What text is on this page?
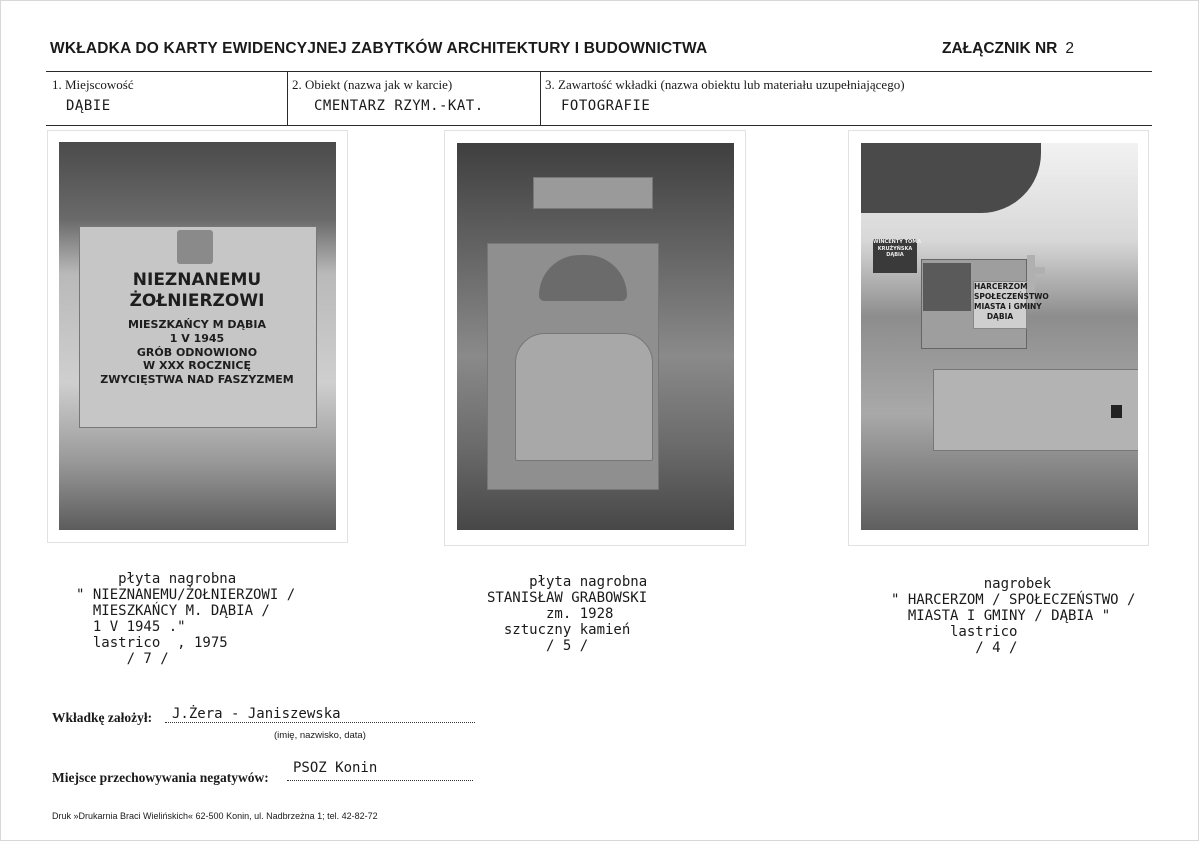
WKŁADKA DO KARTY EWIDENCYJNEJ ZABYTKÓW ARCHITEKTURY I BUDOWNICTWA	ZAŁĄCZNIK NR 2
1. Miejscowość
DĄBIE
2. Obiekt (nazwa jak w karcie)
CMENTARZ RZYM.-KAT.
3. Zawartość wkładki (nazwa obiektu lub materiału uzupełniającego)
FOTOGRAFIE
NIEZNANEMU
ŻOŁNIERZOWI
MIESZKAŃCY M DĄBIA
1 V 1945
GRÓB ODNOWIONO
W XXX ROCZNICĘ
ZWYCIĘSTWA NAD FASZYZMEM
WINCENTY TOMA
KRUŻYŃSKA
DĄBIA
HARCERZOM
SPOŁECZEŃSTWO
MIASTA i GMINY
DĄBIA
płyta nagrobna
" NIEZNANEMU/ŻOŁNIERZOWI /
MIESZKAŃCY M. DĄBIA /
1 V 1945 ."
lastrico  , 1975
/ 7 /
płyta nagrobna
STANISŁAW GRABOWSKI
zm. 1928
sztuczny kamień
/ 5 /
nagrobek
" HARCERZOM / SPOŁECZEŃSTWO /
MIASTA I GMINY / DĄBIA "
lastrico
/ 4 /
Wkładkę założył: J.Żera - Janiszewska
(imię, nazwisko, data)
Miejsce przechowywania negatywów:
PSOZ Konin
Druk »Drukarnia Braci Wielińskich« 62-500 Konin, ul. Nadbrzeżna 1; tel. 42-82-72
